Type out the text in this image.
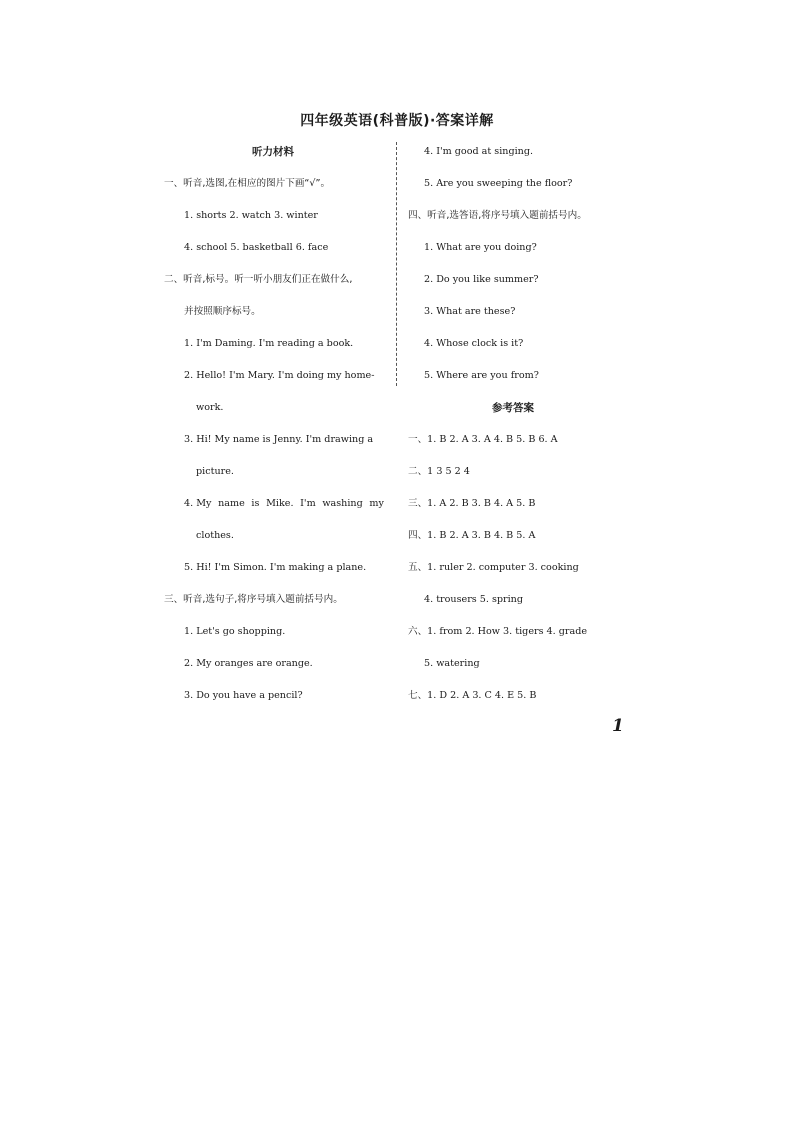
四年级英语(科普版)·答案详解
听力材料
一、听音,选图,在相应的图片下画“√”。
1. shorts 2. watch 3. winter
4. school 5. basketball 6. face
二、听音,标号。听一听小朋友们正在做什么,
并按照顺序标号。
1. I'm Daming. I'm reading a book.
2. Hello! I'm Mary. I'm doing my home-
work.
3. Hi! My name is Jenny. I'm drawing a
picture.
4. My name is Mike. I'm washing my
clothes.
5. Hi! I'm Simon. I'm making a plane.
三、听音,选句子,将序号填入题前括号内。
1. Let's go shopping.
2. My oranges are orange.
3. Do you have a pencil?
4. I'm good at singing.
5. Are you sweeping the floor?
四、听音,选答语,将序号填入题前括号内。
1. What are you doing?
2. Do you like summer?
3. What are these?
4. Whose clock is it?
5. Where are you from?
参考答案
一、1. B 2. A 3. A 4. B 5. B 6. A
二、1 3 5 2 4
三、1. A 2. B 3. B 4. A 5. B
四、1. B 2. A 3. B 4. B 5. A
五、1. ruler 2. computer 3. cooking
4. trousers 5. spring
六、1. from 2. How 3. tigers 4. grade
5. watering
七、1. D 2. A 3. C 4. E 5. B
1
